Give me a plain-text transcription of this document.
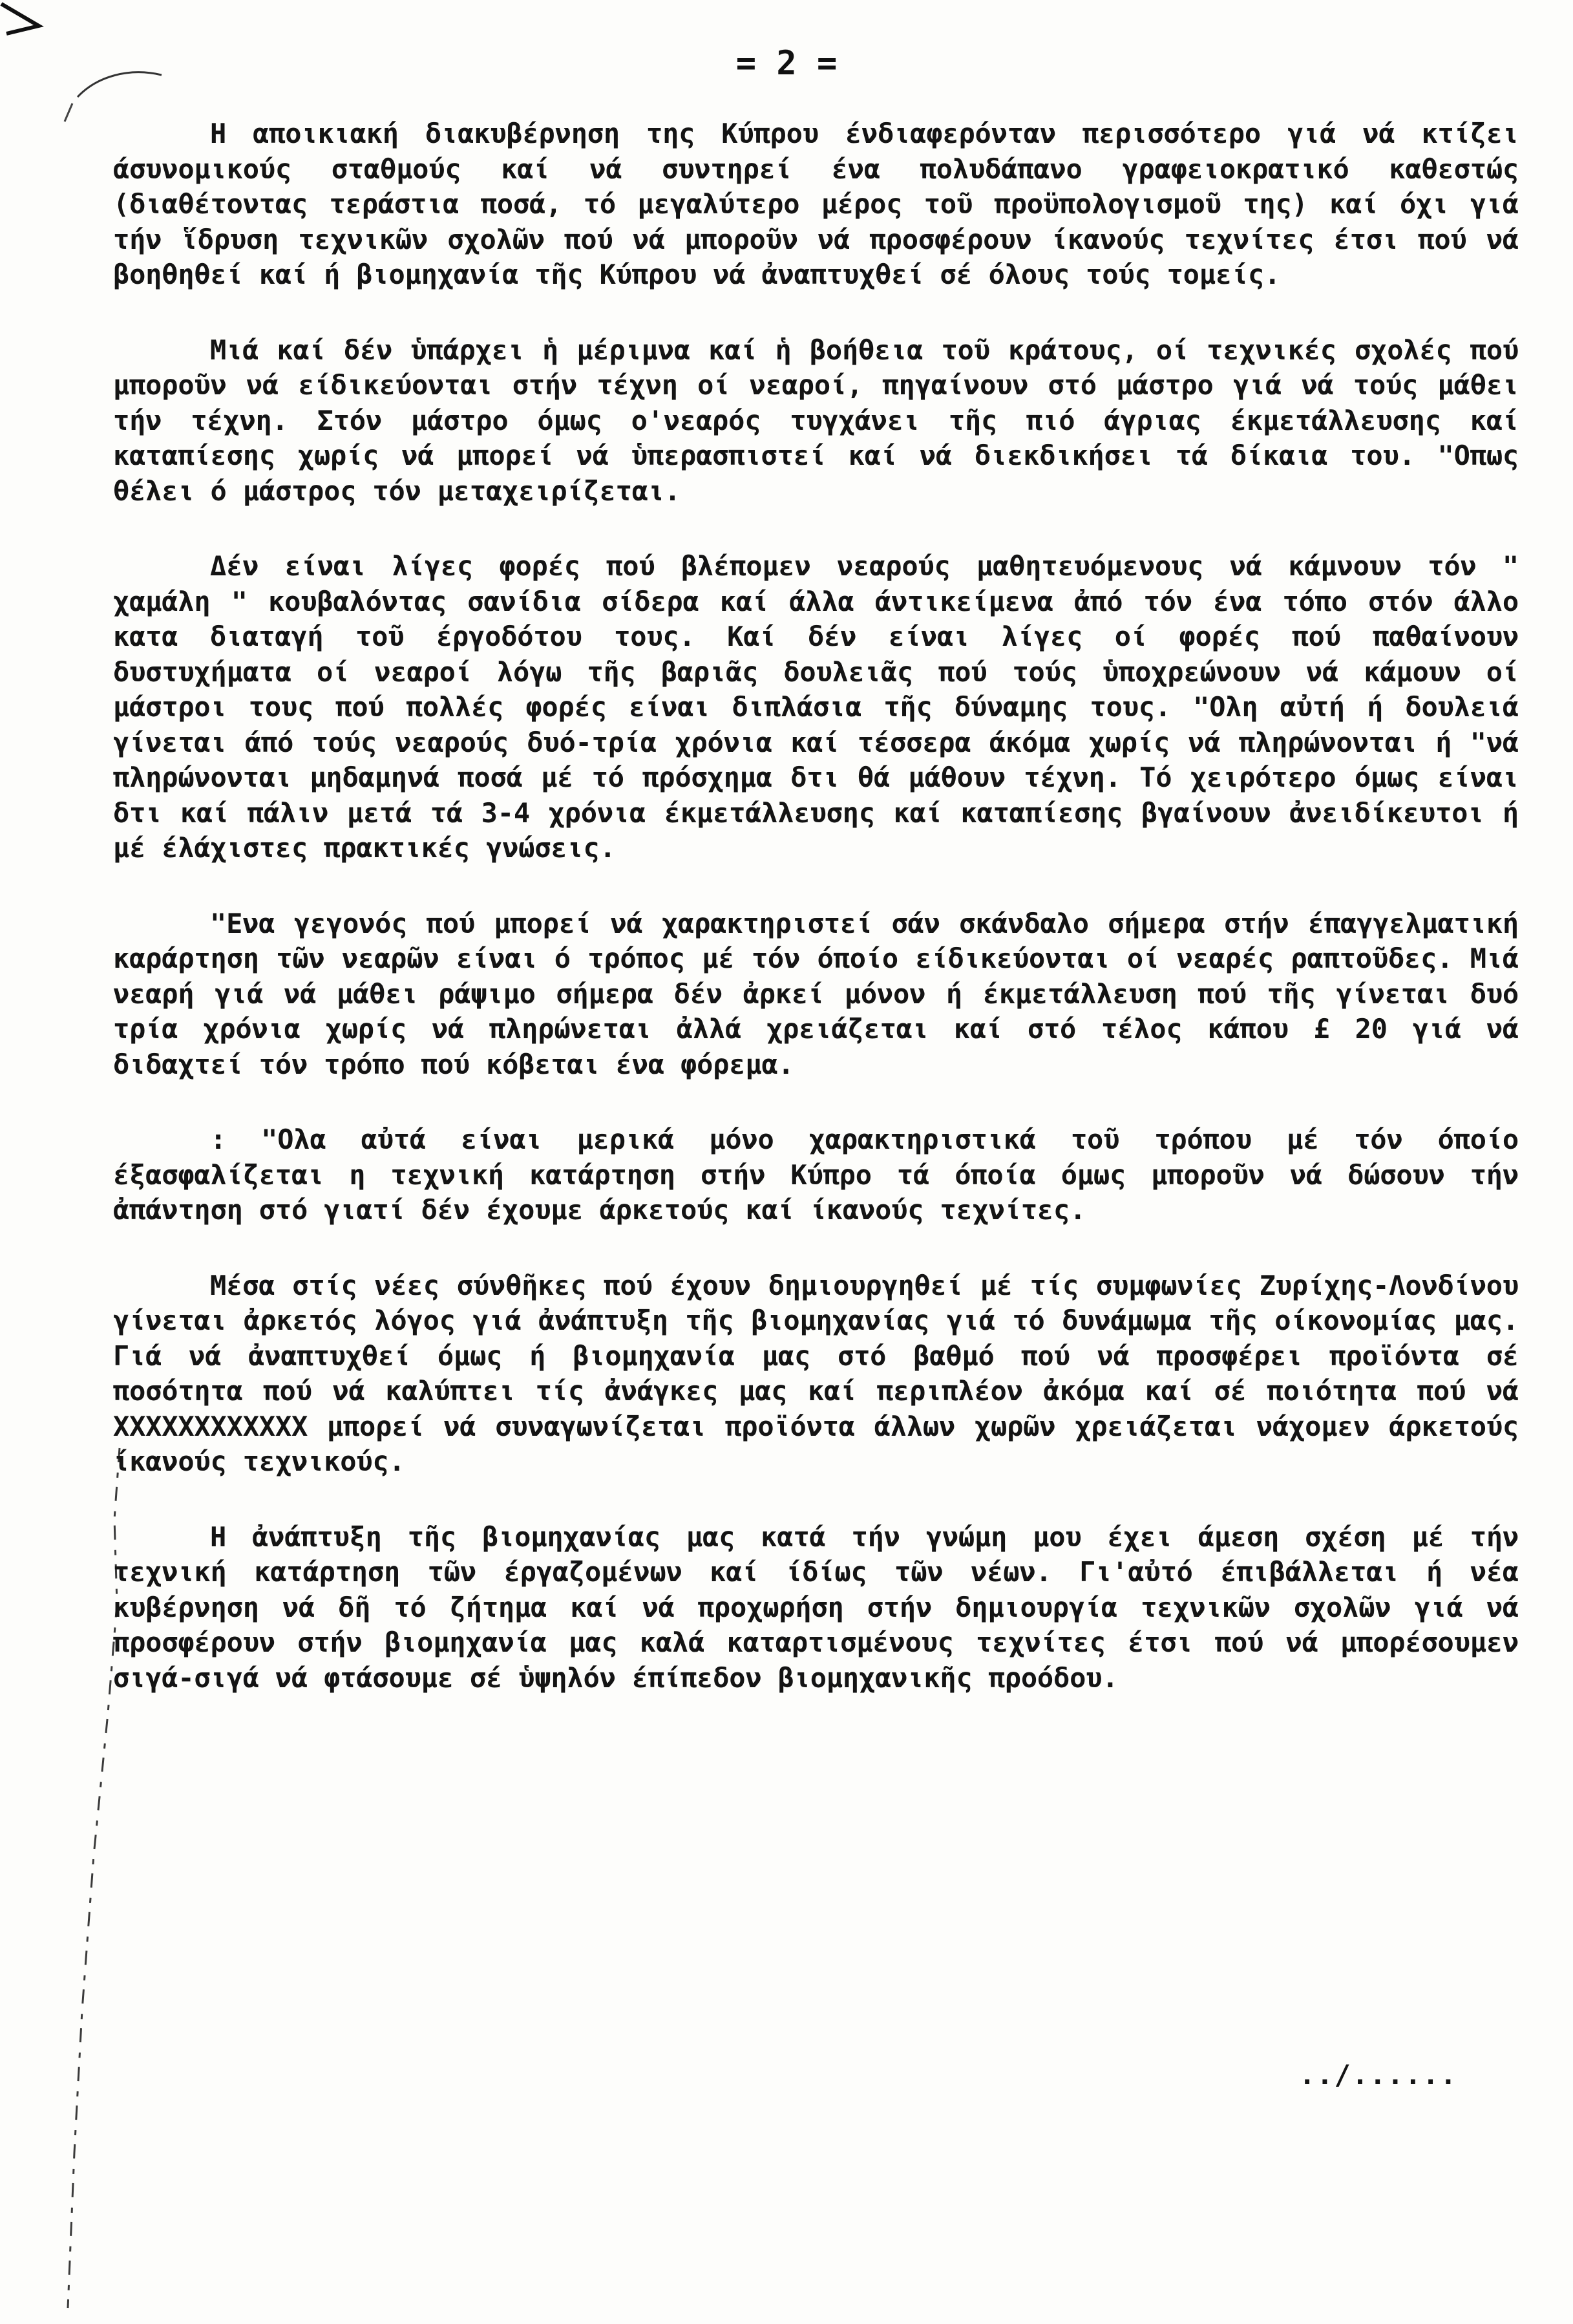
= 2 =

Η αποικιακή διακυβέρνηση της Κύπρου ένδιαφερόνταν περισσότερο γιά νά κτίζει άσυνομικούς σταθμούς καί νά συντηρεί ένα πολυδάπανο γραφειοκρατικό καθεστώς (διαθέτοντας τεράστια ποσά, τό μεγαλύτερο μέρος τοῦ προϋπολογισμοῦ της) καί όχι γιά τήν ἵδρυση τεχνικῶν σχολῶν πού νά μποροῦν νά προσφέρουν ίκανούς τεχνίτες έτσι πού νά βοηθηθεί καί ή βιομηχανία τῆς Κύπρου νά ἀναπτυχθεί σέ όλους τούς τομείς.

Μιά καί δέν ὑπάρχει ἡ μέριμνα καί ἡ βοήθεια τοῦ κράτους, οί τεχνικές σχολές πού μποροῦν νά είδικεύονται στήν τέχνη οί νεαροί, πηγαίνουν στό μάστρο γιά νά τούς μάθει τήν τέχνη. Στόν μάστρο όμως ο'νεαρός τυγχάνει τῆς πιό άγριας έκμετάλλευσης καί καταπίεσης χωρίς νά μπορεί νά ὑπερασπιστεί καί νά διεκδικήσει τά δίκαια του. "Οπως θέλει ό μάστρος τόν μεταχειρίζεται.

Δέν είναι λίγες φορές πού βλέπομεν νεαρούς μαθητευόμενους νά κάμνουν τόν " χαμάλη " κουβαλόντας σανίδια σίδερα καί άλλα άντικείμενα ἀπό τόν ένα τόπο στόν άλλο κατα διαταγή τοῦ έργοδότου τους. Καί δέν είναι λίγες οί φορές πού παθαίνουν δυστυχήματα οί νεαροί λόγω τῆς βαριᾶς δουλειᾶς πού τούς ὑποχρεώνουν νά κάμουν οί μάστροι τους πού πολλές φορές είναι διπλάσια τῆς δύναμης τους. "Ολη αὐτή ή δουλειά γίνεται άπό τούς νεαρούς δυό-τρία χρόνια καί τέσσερα άκόμα χωρίς νά πληρώνονται ή "νά πληρώνονται μηδαμηνά ποσά μέ τό πρόσχημα δτι θά μάθουν τέχνη. Τό χειρότερο όμως είναι δτι καί πάλιν μετά τά 3-4 χρόνια έκμετάλλευσης καί καταπίεσης βγαίνουν ἀνειδίκευτοι ή μέ έλάχιστες πρακτικές γνώσεις.

"Ενα γεγονός πού μπορεί νά χαρακτηριστεί σάν σκάνδαλο σήμερα στήν έπαγγελματική καράρτηση τῶν νεαρῶν είναι ό τρόπος μέ τόν όποίο είδικεύονται οί νεαρές ραπτοῦδες. Μιά νεαρή γιά νά μάθει ράψιμο σήμερα δέν ἀρκεί μόνον ή έκμετάλλευση πού τῆς γίνεται δυό τρία χρόνια χωρίς νά πληρώνεται ἀλλά χρειάζεται καί στό τέλος κάπου £ 20 γιά νά διδαχτεί τόν τρόπο πού κόβεται ένα φόρεμα.

: "Ολα αὐτά είναι μερικά μόνο χαρακτηριστικά τοῦ τρόπου μέ τόν όποίο έξασφαλίζεται η τεχνική κατάρτηση στήν Κύπρο τά όποία όμως μποροῦν νά δώσουν τήν ἀπάντηση στό γιατί δέν έχουμε άρκετούς καί ίκανούς τεχνίτες.

Μέσα στίς νέες σύνθῆκες πού έχουν δημιουργηθεί μέ τίς συμφωνίες Ζυρίχης-Λονδίνου γίνεται ἀρκετός λόγος γιά ἀνάπτυξη τῆς βιομηχανίας γιά τό δυνάμωμα τῆς οίκονομίας μας. Γιά νά ἀναπτυχθεί όμως ή βιομηχανία μας στό βαθμό πού νά προσφέρει προϊόντα σέ ποσότητα πού νά καλύπτει τίς ἀνάγκες μας καί περιπλέον ἀκόμα καί σέ ποιότητα πού νά ΧΧΧΧΧΧΧΧΧΧΧΧ μπορεί νά συναγωνίζεται προϊόντα άλλων χωρῶν χρειάζεται νάχομεν άρκετούς ίκανούς τεχνικούς.

Η ἀνάπτυξη τῆς βιομηχανίας μας κατά τήν γνώμη μου έχει άμεση σχέση μέ τήν τεχνική κατάρτηση τῶν έργαζομένων καί ίδίως τῶν νέων. Γι'αὐτό έπιβάλλεται ή νέα κυβέρνηση νά δῆ τό ζήτημα καί νά προχωρήση στήν δημιουργία τεχνικῶν σχολῶν γιά νά προσφέρουν στήν βιομηχανία μας καλά καταρτισμένους τεχνίτες έτσι πού νά μπορέσουμεν σιγά-σιγά νά φτάσουμε σέ ὑψηλόν έπίπεδον βιομηχανικῆς προόδου.

../......
